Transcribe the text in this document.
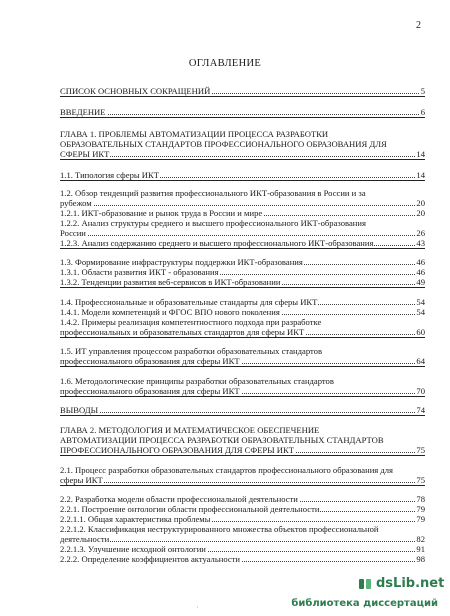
2
ОГЛАВЛЕНИЕ
СПИСОК ОСНОВНЫХ СОКРАЩЕНИЙ	5
ВВЕДЕНИЕ	6
ГЛАВА 1. ПРОБЛЕМЫ АВТОМАТИЗАЦИИ ПРОЦЕССА РАЗРАБОТКИ
ОБРАЗОВАТЕЛЬНЫХ СТАНДАРТОВ ПРОФЕССИОНАЛЬНОГО ОБРАЗОВАНИЯ ДЛЯ
СФЕРЫ ИКТ	14
1.1. Типология сферы ИКТ	14
1.2. Обзор тенденций развития профессионального ИКТ-образования в России и за
рубежом	20
1.2.1. ИКТ-образование и рынок труда в России и мире	20
1.2.2. Анализ структуры среднего и высшего профессионального ИКТ-образования
России	26
1.2.3. Анализ содержанию среднего и высшего профессионального ИКТ-образования	43
1.3. Формирование инфраструктуры поддержки ИКТ-образования	46
1.3.1. Области развития ИКТ - образования	46
1.3.2. Тенденции развития веб-сервисов в ИКТ-образовании	49
1.4. Профессиональные и образовательные стандарты для сферы ИКТ	54
1.4.1. Модели компетенций и ФГОС ВПО нового поколения	54
1.4.2. Примеры реализация компетентностного подхода при разработке
профессиональных и образовательных стандартов для сферы ИКТ	60
1.5. ИТ управления процессом разработки образовательных стандартов
профессионального образования для сферы ИКТ	64
1.6. Методологические принципы разработки образовательных стандартов
профессионального образования для сферы ИКТ	70
ВЫВОДЫ	74
ГЛАВА 2. МЕТОДОЛОГИЯ И МАТЕМАТИЧЕСКОЕ ОБЕСПЕЧЕНИЕ
АВТОМАТИЗАЦИИ ПРОЦЕССА РАЗРАБОТКИ ОБРАЗОВАТЕЛЬНЫХ СТАНДАРТОВ
ПРОФЕССИОНАЛЬНОГО ОБРАЗОВАНИЯ ДЛЯ СФЕРЫ ИКТ	75
2.1. Процесс разработки образовательных стандартов профессионального образования для
сферы ИКТ	75
2.2. Разработка модели области профессиональной деятельности	78
2.2.1. Построение онтологии области профессиональной деятельности	79
2.2.1.1. Общая характеристика проблемы	79
2.2.1.2. Классификация неструктурированного множества объектов профессиональной
деятельности	82
2.2.1.3. Улучшение исходной онтологии	91
2.2.2. Определение коэффициентов актуальности	98
·
dsLib.net
библиотека диссертаций
